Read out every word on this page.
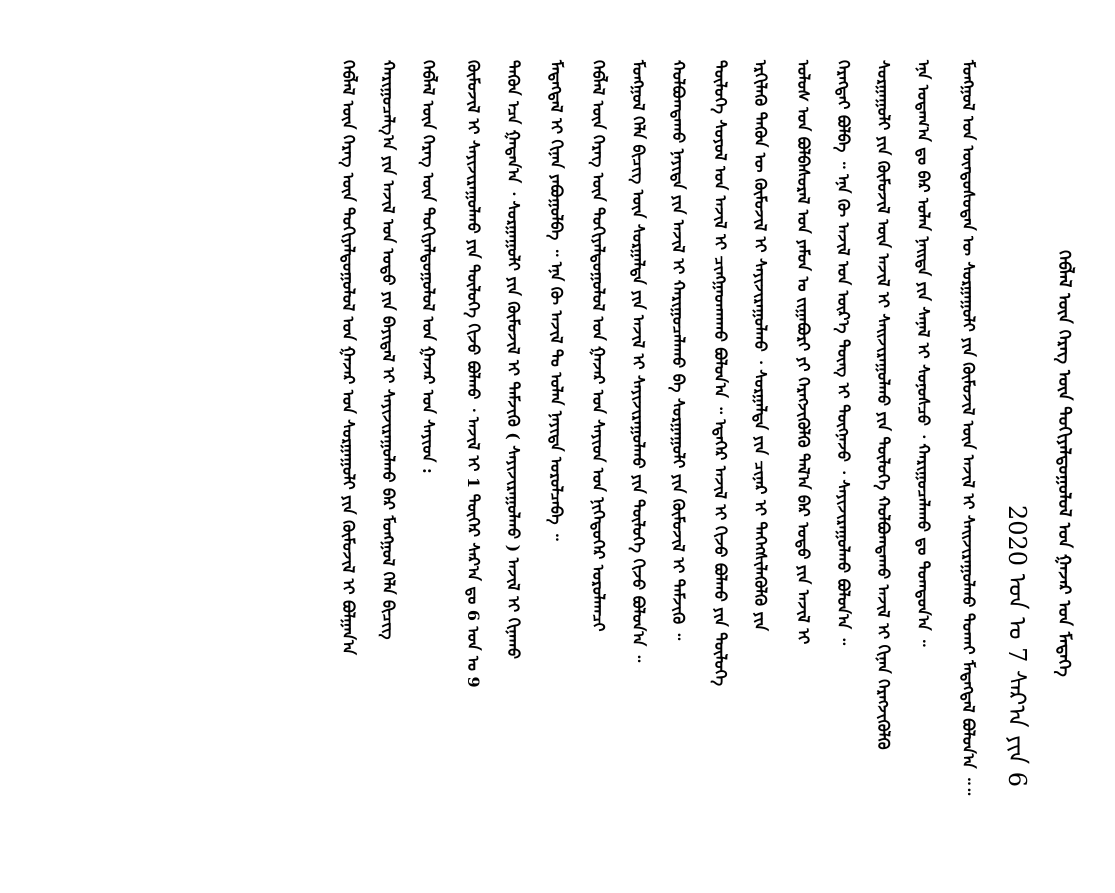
2020 ᠣᠨ ᠤ 7 ᠰᠠᠷ᠎ᠠ ᠶᠢᠨ 6 ᠬᠡᠪᠯᠡᠯ ᠦᠨ ᠬᠡᠷᠡᠭ ᠦᠨ ᠲᠣᠬᠢᠶᠠᠯᠳᠤᠭᠤᠯᠤᠯ ᠤᠨ ᠭᠠᠵᠠᠷ ᠤᠨ ᠮᠡᠳᠡᠭᠡ
ᠮᠣᠩᠭᠣᠯ ᠤᠨ ᠦᠨᠳᠦᠰᠦᠲᠡᠨ ᠦ ᠰᠤᠷᠭᠠᠭᠤᠯᠢ ᠶᠢᠨ ᠬᠦᠮᠦᠵᠢᠯ ᠦᠨ ᠠᠵᠢᠯ ᠢ ᠰᠠᠢᠵᠢᠷᠠᠭᠤᠯᠬᠤ ᠲᠤᠬᠠᠢ ᠮᠡᠳᠡᠭᠳᠡᠯ ᠪᠣᠯᠤᠨ᠎ᠠ ᠃᠃
ᠡᠨᠡ ᠤᠳᠠᠭ᠎ᠠ ᠳᠤ ᠪᠠᠷ ᠣᠯᠠᠨ ᠨᠡᠢᠲᠡ ᠶᠢᠨ ᠰᠠᠨᠠᠯ ᠢ ᠰᠣᠨᠣᠰᠴᠤ ᠂ ᠬᠠᠷᠢᠭᠤᠴᠠᠯᠠᠬᠤ ᠳᠤ ᠳᠤᠭᠳᠤᠨ᠎ᠠ ᠃
ᠰᠤᠷᠭᠠᠭᠤᠯᠢ ᠶᠢᠨ ᠬᠦᠮᠦᠵᠢᠯ ᠦᠨ ᠠᠵᠢᠯ ᠢ ᠰᠠᠢᠵᠢᠷᠠᠭᠤᠯᠬᠤ ᠶᠢᠨ ᠲᠦᠯᠦᠭᠡ ᠬᠣᠯᠪᠣᠭᠳᠠᠬᠤ ᠠᠵᠢᠯ ᠢ ᠬᠢᠨᠠᠨ ᠬᠡᠷᠡᠭᠵᠢᠭᠦᠯᠬᠦ
ᠬᠡᠷᠡᠭᠲᠡᠢ ᠪᠣᠯᠪᠠ ᠃ ᠡᠨᠡ ᠬᠦ ᠠᠵᠢᠯ ᠤᠨ ᠦᠷ᠎ᠡ ᠳᠦᠩ ᠢ ᠳᠦᠭᠨᠡᠵᠦ ᠂ ᠰᠠᠶᠢᠵᠢᠷᠠᠭᠤᠯᠬᠤ ᠪᠣᠯᠤᠨ᠎ᠠ ᠃
ᠤᠯᠤᠰ ᠤᠨ ᠪᠣᠯᠪᠠᠰᠤᠷᠠᠯ ᠤᠨ ᠶᠠᠮᠤᠨ ᠤ ᠵᠢᠭᠠᠪᠤᠷᠢ ᠶᠢ ᠬᠡᠷᠡᠭᠵᠢᠭᠦᠯᠬᠦ ᠲᠠᠯ᠎ᠠ ᠪᠠᠷ ᠣᠳᠣ ᠶᠢᠨ ᠠᠵᠢᠯ ᠢ
ᠡᠷᠬᠢᠯᠡᠬᠦ ᠲᠡᠭᠦᠨ ᠦ ᠬᠦᠮᠦᠵᠢᠯ ᠢ ᠰᠠᠶᠢᠵᠢᠷᠠᠭᠤᠯᠬᠤ ᠂ ᠰᠤᠷᠭᠠᠯᠲᠠ ᠶᠢᠨ ᠴᠢᠨᠠᠷ ᠢ ᠳᠡᠭᠡᠭᠰᠢᠯᠡᠭᠦᠯᠬᠦ ᠶᠢᠨ
ᠲᠥᠯᠥᠭᠡ ᠰᠣᠶᠣᠯ ᠤᠨ ᠠᠵᠢᠯ ᠢ ᠴᠢᠩᠭᠠᠳᠬᠠᠬᠤ ᠪᠣᠯᠤᠨ᠎ᠠ ᠃ ᠡᠳᠡᠭᠡᠷ ᠠᠵᠢᠯ ᠢ ᠬᠢᠵᠦ ᠪᠣᠯᠬᠤ ᠶᠢᠨ ᠲᠥᠯᠥᠭᠡ
ᠬᠣᠯᠪᠣᠭᠳᠠᠬᠤ ᠨᠡᠶᠢᠲᠡ ᠶᠢᠨ ᠠᠵᠢᠯ ᠢ ᠬᠠᠷᠢᠭᠤᠴᠠᠯᠠᠬᠤ ᠪᠠ ᠰᠤᠷᠭᠠᠭᠤᠯᠢ ᠶᠢᠨ ᠬᠦᠮᠦᠵᠢᠯ ᠢ ᠳᠡᠮᠵᠢᠬᠦ ᠃
ᠮᠣᠩᠭᠣᠯ ᠬᠡᠯᠡ ᠪᠢᠴᠢᠭ ᠦᠨ ᠰᠤᠷᠭᠠᠯᠲᠠ ᠶᠢᠨ ᠠᠵᠢᠯ ᠢ ᠰᠠᠶᠢᠵᠢᠷᠠᠭᠤᠯᠬᠤ ᠶᠢᠨ ᠲᠥᠯᠥᠭᠡ ᠬᠢᠵᠦ ᠪᠣᠯᠤᠨ᠎ᠠ ᠃
ᠬᠡᠪᠯᠡᠯ ᠦᠨ ᠬᠡᠷᠡᠭ ᠦᠨ ᠲᠣᠬᠢᠶᠠᠯᠳᠤᠭᠤᠯᠤᠯ ᠤᠨ ᠭᠠᠵᠠᠷ ᠤᠨ ᠰᠠᠶᠢᠳ ᠤᠨ ᠨᠢᠭᠡᠳᠦᠭᠡᠷ ᠣᠷᠤᠯᠠᠭᠴᠢ
ᠮᠡᠳᠡᠭᠳᠡᠯ ᠢ ᠬᠢᠨᠠᠨ ᠶᠠᠪᠤᠭᠤᠯᠪᠠ ᠃ ᠡᠨᠡ ᠬᠦ ᠠᠵᠢᠯ ᠲᠤ ᠣᠯᠠᠨ ᠨᠡᠶᠢᠲᠡ ᠣᠷᠤᠯᠴᠠᠪᠠ ᠃
ᠲᠡᠭᠦᠨ ᠡᠴᠡ ᠭᠠᠳᠠᠨ᠎ᠠ ᠂ ᠰᠤᠷᠭᠠᠭᠤᠯᠢ ᠶᠢᠨ ᠬᠦᠮᠦᠵᠢᠯ ᠢ ᠳᠡᠮᠵᠢᠬᠦ ( ᠰᠠᠶᠢᠵᠢᠷᠠᠭᠤᠯᠬᠤ ) ᠠᠵᠢᠯ ᠢ ᠬᠢᠨᠠᠬᠤ
ᠬᠦᠮᠦᠵᠢᠯ ᠢ ᠰᠠᠶᠢᠵᠢᠷᠠᠭᠤᠯᠬᠤ ᠶᠢᠨ ᠲᠥᠯᠥᠭᠡ ᠬᠢᠵᠦ ᠪᠣᠯᠬᠤ ᠂ ᠠᠵᠢᠯ ᠢ 1 ᠳᠦᠭᠡᠷ ᠰᠠᠷ᠎ᠠ ᠳᠤ 6 ᠤᠨ ᠤ 9
ᠬᠡᠪᠯᠡᠯ ᠦᠨ ᠬᠡᠷᠡᠭ ᠦᠨ ᠲᠣᠬᠢᠶᠠᠯᠳᠤᠭᠤᠯᠤᠯ ᠤᠨ ᠭᠠᠵᠠᠷ ᠤᠨ ᠰᠠᠶᠢᠳ :
ᠬᠠᠷᠢᠭᠤᠴᠠᠯᠭ᠎ᠠ ᠶᠢᠨ ᠠᠵᠢᠯ ᠤᠨ ᠣᠳᠣ ᠶᠢᠨ ᠪᠠᠶᠢᠳᠠᠯ ᠢ ᠰᠠᠶᠢᠵᠢᠷᠠᠭᠤᠯᠬᠤ ᠪᠠᠷ ᠮᠣᠩᠭᠣᠯ ᠬᠡᠯᠡ ᠪᠢᠴᠢᠭ
ᠬᠡᠪᠯᠡᠯ ᠦᠨ ᠬᠡᠷᠡᠭ ᠦᠨ ᠲᠣᠬᠢᠶᠠᠯᠳᠤᠭᠤᠯᠤᠯ ᠤᠨ ᠭᠠᠵᠠᠷ ᠤᠨ ᠰᠤᠷᠭᠠᠭᠤᠯᠢ ᠶᠢᠨ ᠬᠦᠮᠦᠵᠢᠯ ᠢ ᠪᠣᠯᠭᠠᠨ᠎ᠠ
